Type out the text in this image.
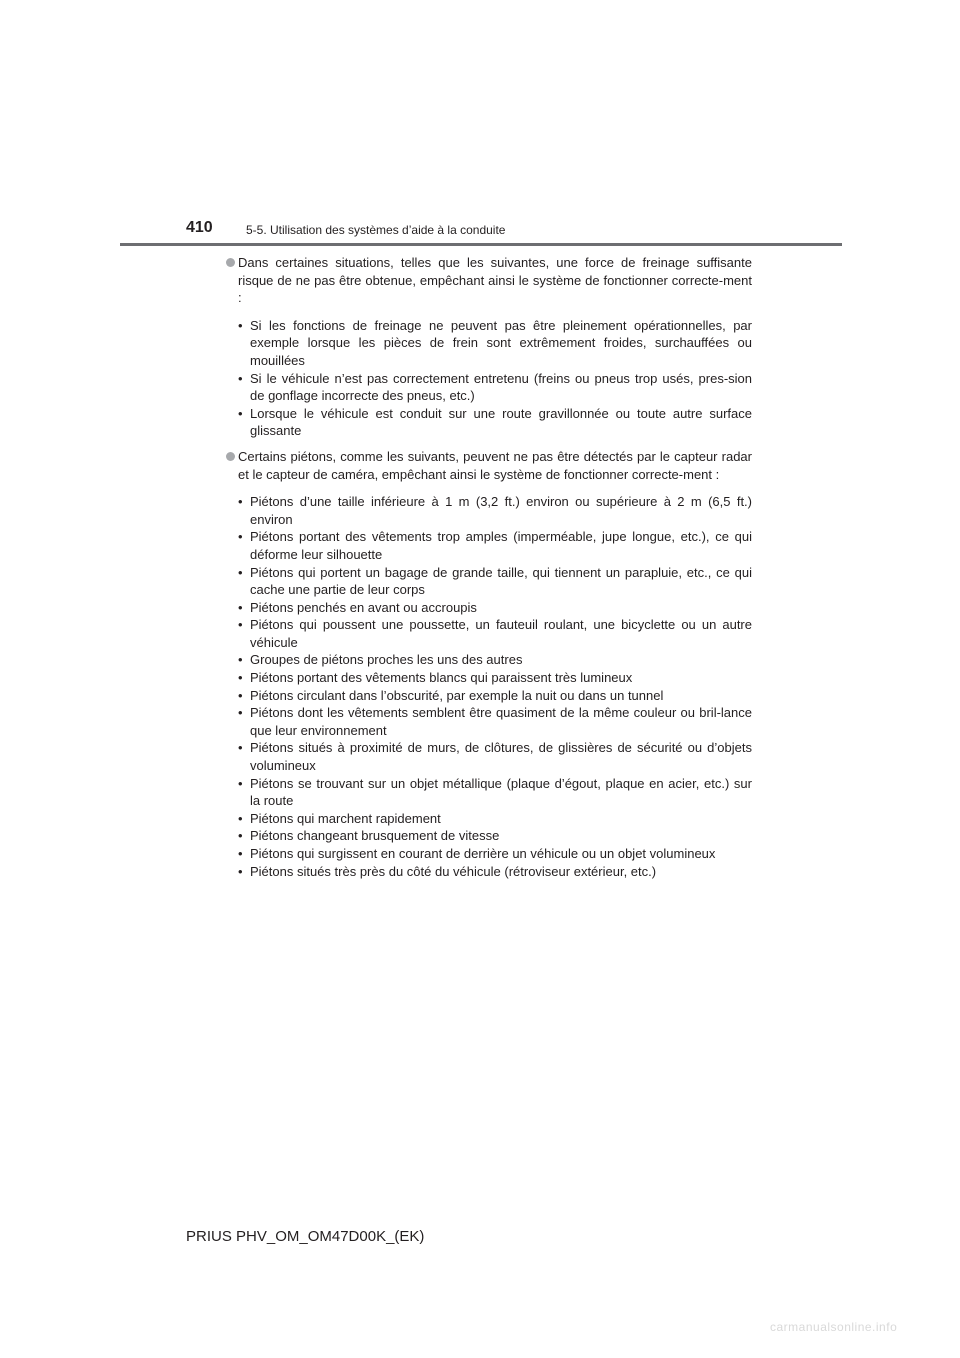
410	5-5. Utilisation des systèmes d’aide à la conduite
Dans certaines situations, telles que les suivantes, une force de freinage suffisante risque de ne pas être obtenue, empêchant ainsi le système de fonctionner correcte-ment :
• Si les fonctions de freinage ne peuvent pas être pleinement opérationnelles, par exemple lorsque les pièces de frein sont extrêmement froides, surchauffées ou mouillées
• Si le véhicule n’est pas correctement entretenu (freins ou pneus trop usés, pres-sion de gonflage incorrecte des pneus, etc.)
• Lorsque le véhicule est conduit sur une route gravillonnée ou toute autre surface glissante
Certains piétons, comme les suivants, peuvent ne pas être détectés par le capteur radar et le capteur de caméra, empêchant ainsi le système de fonctionner correcte-ment :
• Piétons d’une taille inférieure à 1 m (3,2 ft.) environ ou supérieure à 2 m (6,5 ft.) environ
• Piétons portant des vêtements trop amples (imperméable, jupe longue, etc.), ce qui déforme leur silhouette
• Piétons qui portent un bagage de grande taille, qui tiennent un parapluie, etc., ce qui cache une partie de leur corps
• Piétons penchés en avant ou accroupis
• Piétons qui poussent une poussette, un fauteuil roulant, une bicyclette ou un autre véhicule
• Groupes de piétons proches les uns des autres
• Piétons portant des vêtements blancs qui paraissent très lumineux
• Piétons circulant dans l’obscurité, par exemple la nuit ou dans un tunnel
• Piétons dont les vêtements semblent être quasiment de la même couleur ou bril-lance que leur environnement
• Piétons situés à proximité de murs, de clôtures, de glissières de sécurité ou d’objets volumineux
• Piétons se trouvant sur un objet métallique (plaque d’égout, plaque en acier, etc.) sur la route
• Piétons qui marchent rapidement
• Piétons changeant brusquement de vitesse
• Piétons qui surgissent en courant de derrière un véhicule ou un objet volumineux
• Piétons situés très près du côté du véhicule (rétroviseur extérieur, etc.)
PRIUS PHV_OM_OM47D00K_(EK)
carmanualsonline.info
